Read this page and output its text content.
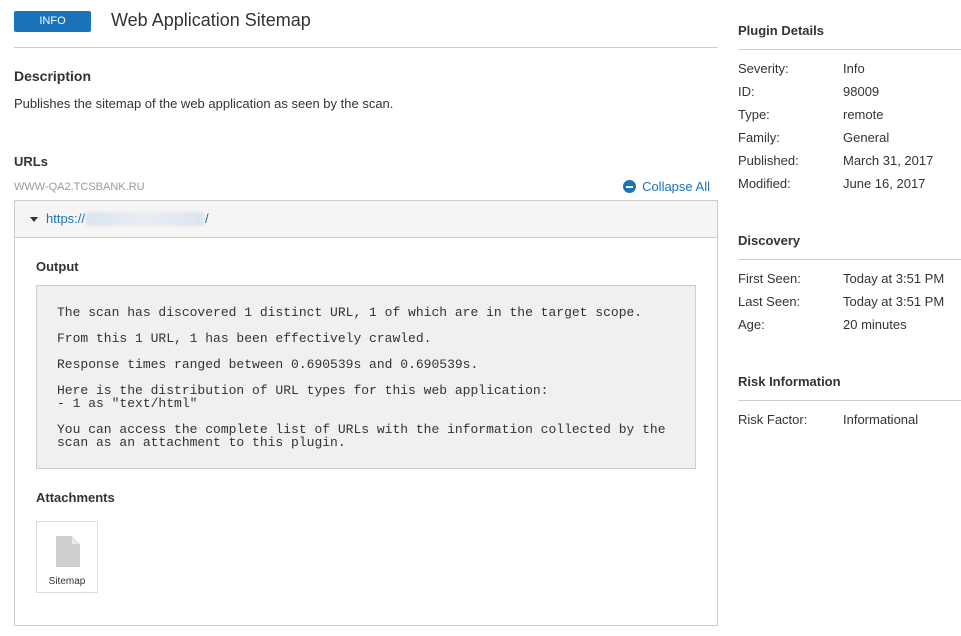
INFO	Web Application Sitemap
Description
Publishes the sitemap of the web application as seen by the scan.
URLs
WWW-QA2.TCSBANK.RU	Collapse All
https://	/
Output

The scan has discovered 1 distinct URL, 1 of which are in the target scope.

From this 1 URL, 1 has been effectively crawled.

Response times ranged between 0.690539s and 0.690539s.

Here is the distribution of URL types for this web application:
- 1 as "text/html"

You can access the complete list of URLs with the information collected by the
scan as an attachment to this plugin.

Attachments
Sitemap
Plugin Details
Severity:	Info
ID:	98009
Type:	remote
Family:	General
Published:	March 31, 2017
Modified:	June 16, 2017
Discovery
First Seen:	Today at 3:51 PM
Last Seen:	Today at 3:51 PM
Age:	20 minutes
Risk Information
Risk Factor:	Informational
